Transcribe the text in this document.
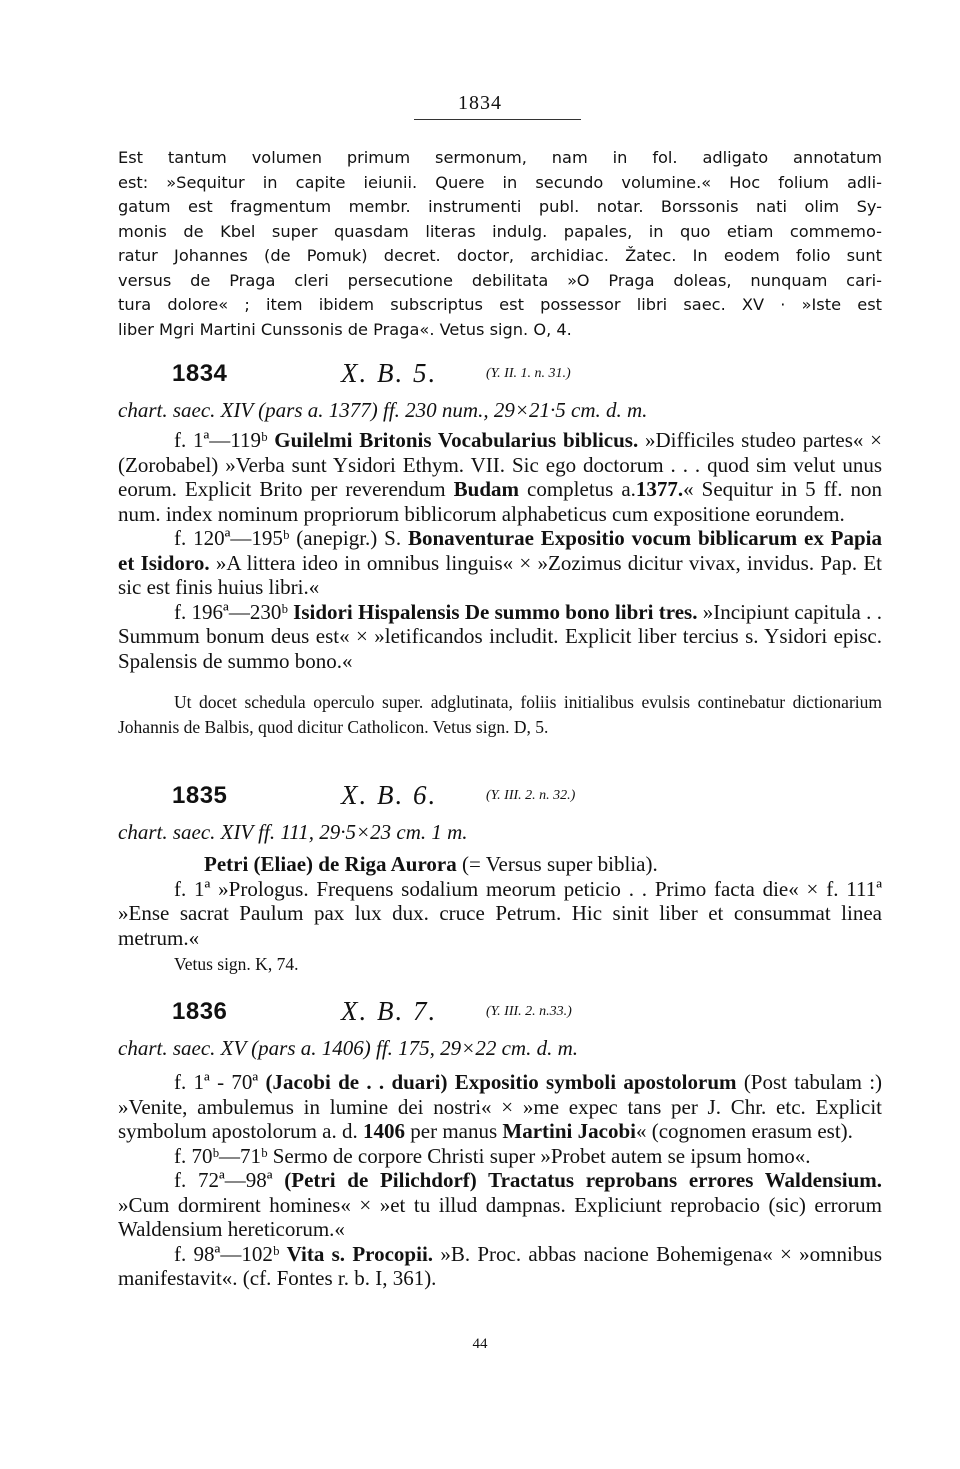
1834
Est tantum volumen primum sermonum, nam in fol. adligato annotatum
est: »Sequitur in capite ieiunii. Quere in secundo volumine.« Hoc folium adli-
gatum est fragmentum membr. instrumenti publ. notar. Borssonis nati olim Sy-
monis de Kbel super quasdam literas indulg. papales, in quo etiam commemo-
ratur Johannes (de Pomuk) decret. doctor, archidiac. Žatec. In eodem folio sunt
versus de Praga cleri persecutione debilitata »O Praga doleas, nunquam cari-
tura dolore« ; item ibidem subscriptus est possessor libri saec. XV · »Iste est
liber Mgri Martini Cunssonis de Praga«. Vetus sign. O, 4.
1834	X. B. 5.	(Y. II. 1. n. 31.)
chart. saec. XIV (pars a. 1377) ff. 230 num., 29×21·5 cm. d. m.
f. 1ª—119ᵇ Guilelmi Britonis Vocabularius biblicus. »Difficiles studeo partes« × (Zorobabel) »Verba sunt Ysidori Ethym. VII. Sic ego doctorum . . . quod sim velut unus eorum. Explicit Brito per reverendum Budam completus a.1377.« Sequitur in 5 ff. non num. index nominum propriorum biblicorum alphabeticus cum expositione eorundem.
f. 120ª—195ᵇ (anepigr.) S. Bonaventurae Expositio vocum biblicarum ex Papia et Isidoro. »A littera ideo in omnibus linguis« × »Zozimus dicitur vivax, invidus. Pap. Et sic est finis huius libri.«
f. 196ª—230ᵇ Isidori Hispalensis De summo bono libri tres. »Incipiunt capitula . . Summum bonum deus est« × »letificandos includit. Explicit liber tercius s. Ysidori episc. Spalensis de summo bono.«
Ut docet schedula operculo super. adglutinata, foliis initialibus evulsis continebatur dictionarium Johannis de Balbis, quod dicitur Catholicon. Vetus sign. D, 5.
1835	X. B. 6.	(Y. III. 2. n. 32.)
chart. saec. XIV ff. 111, 29·5×23 cm. 1 m.
Petri (Eliae) de Riga Aurora (= Versus super biblia).
f. 1ª »Prologus. Frequens sodalium meorum peticio . . Primo facta die« × f. 111ª »Ense sacrat Paulum pax lux dux. cruce Petrum. Hic sinit liber et consummat linea metrum.«
Vetus sign. K, 74.
1836	X. B. 7.	(Y. III. 2. n.33.)
chart. saec. XV (pars a. 1406) ff. 175, 29×22 cm. d. m.
f. 1ª - 70ª (Jacobi de . . duari) Expositio symboli apostolorum (Post tabulam :) »Venite, ambulemus in lumine dei nostri« × »me expec tans per J. Chr. etc. Explicit symbolum apostolorum a. d. 1406 per manus Martini Jacobi« (cognomen erasum est).
f. 70ᵇ—71ᵇ Sermo de corpore Christi super »Probet autem se ipsum homo«.
f. 72ª—98ª (Petri de Pilichdorf) Tractatus reprobans errores Waldensium. »Cum dormirent homines« × »et tu illud dampnas. Expliciunt reprobacio (sic) errorum Waldensium hereticorum.«
f. 98ª—102ᵇ Vita s. Procopii. »B. Proc. abbas nacione Bohemigena« × »omnibus manifestavit«. (cf. Fontes r. b. I, 361).
44
